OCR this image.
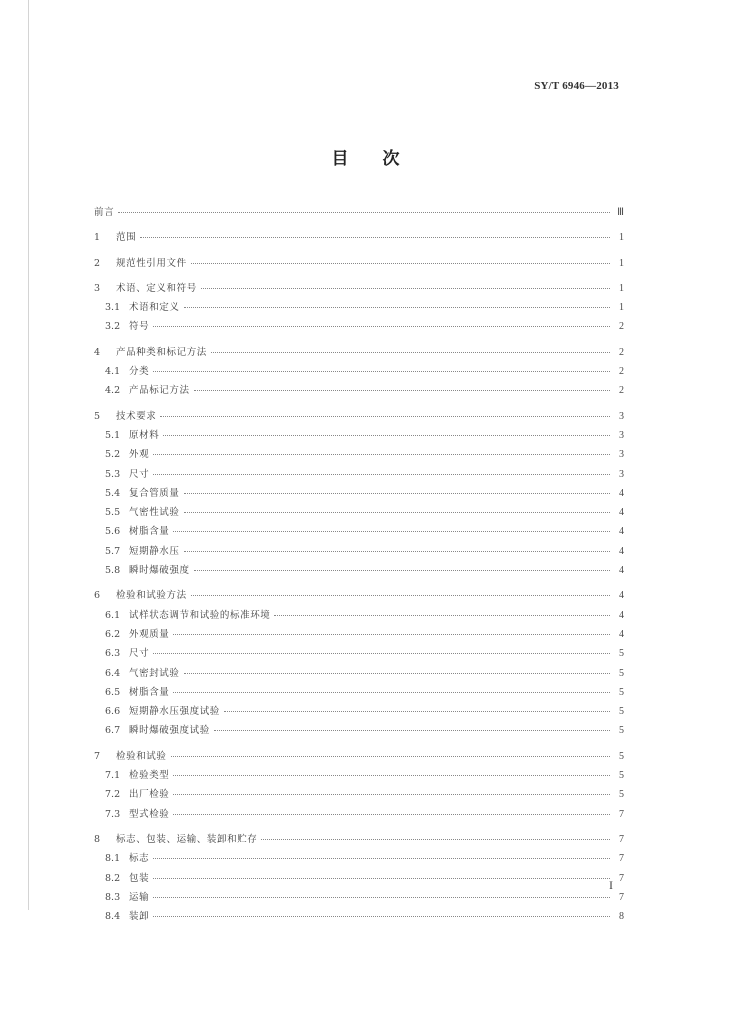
SY/T 6946—2013
目　　次
前言	Ⅲ
1	范围	1
2	规范性引用文件	1
3	术语、定义和符号	1
3.1 术语和定义	1
3.2 符号	2
4	产品种类和标记方法	2
4.1 分类	2
4.2 产品标记方法	2
5	技术要求	3
5.1 原材料	3
5.2 外观	3
5.3 尺寸	3
5.4 复合管质量	4
5.5 气密性试验	4
5.6 树脂含量	4
5.7 短期静水压	4
5.8 瞬时爆破强度	4
6	检验和试验方法	4
6.1 试样状态调节和试验的标准环境	4
6.2 外观质量	4
6.3 尺寸	5
6.4 气密封试验	5
6.5 树脂含量	5
6.6 短期静水压强度试验	5
6.7 瞬时爆破强度试验	5
7	检验和试验	5
7.1 检验类型	5
7.2 出厂检验	5
7.3 型式检验	7
8	标志、包装、运输、装卸和贮存	7
8.1 标志	7
8.2 包装	7
8.3 运输	7
8.4 装卸	8
I
